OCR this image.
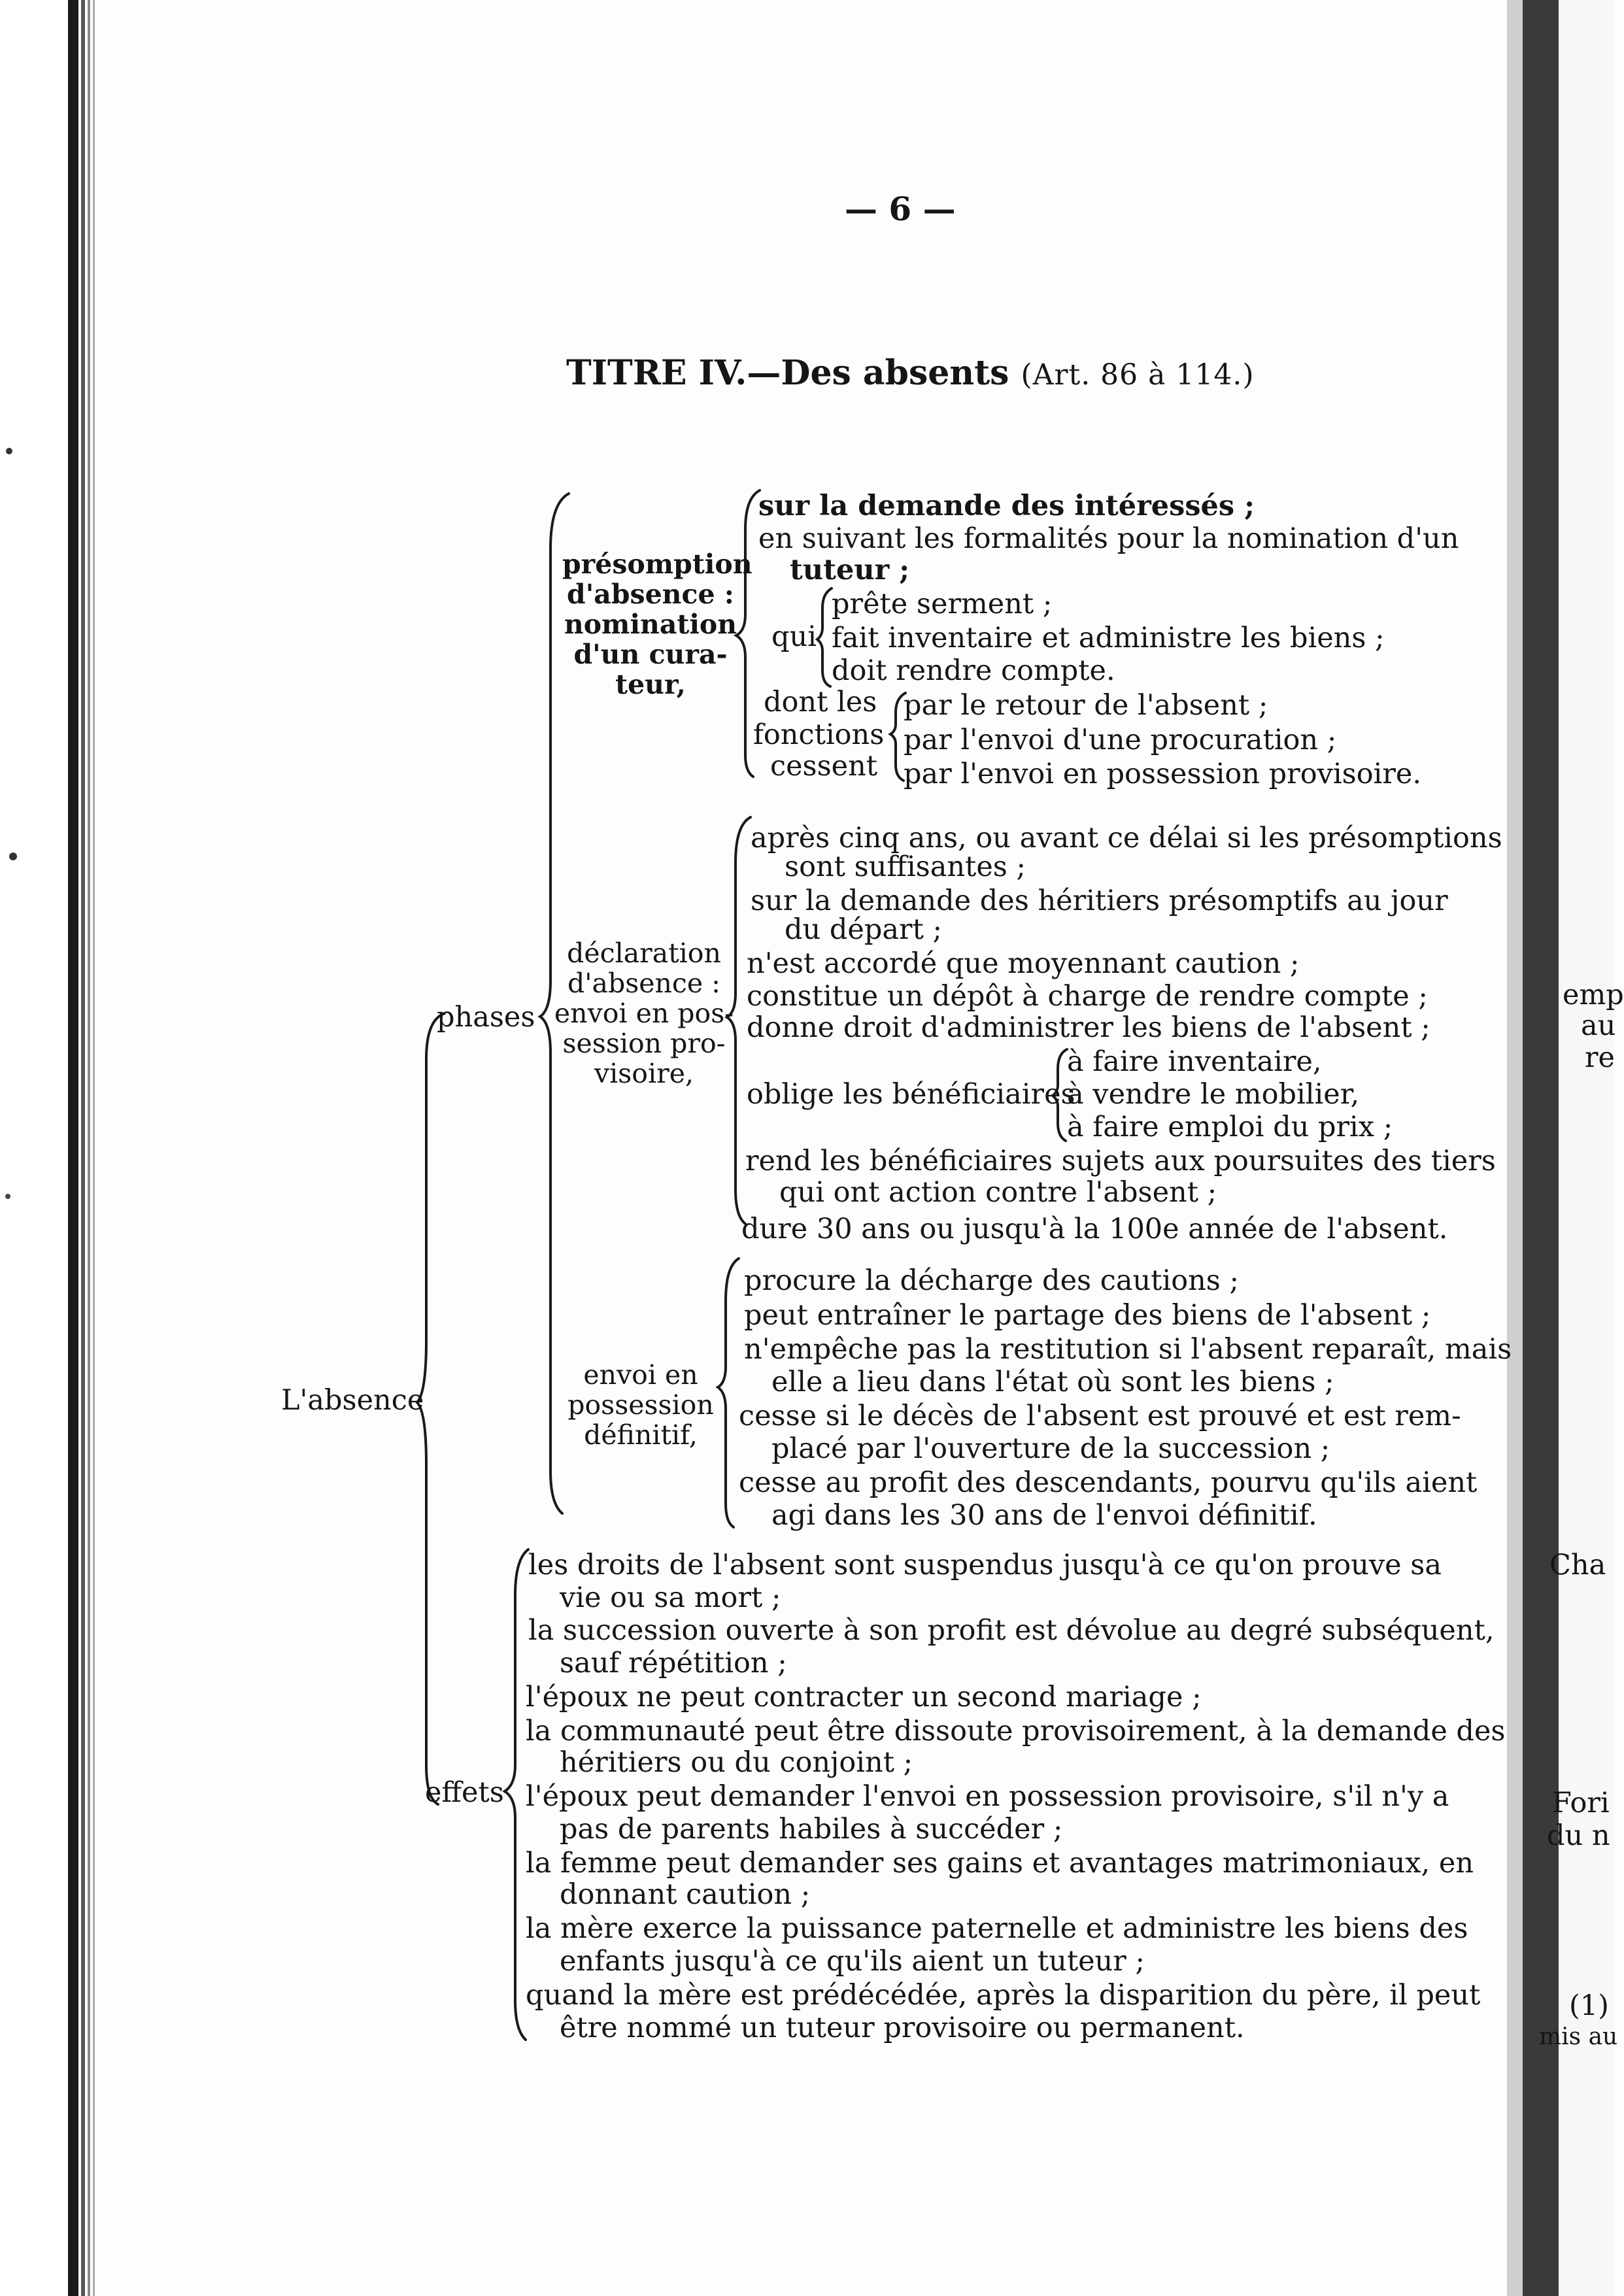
— 6 —
TITRE IV.—Des absents (Art. 86 à 114.)
L'absence
phases
effets
présomption
d'absence :
nomination
d'un cura-
teur,
sur la demande des intéressés ;
en suivant les formalités pour la nomination d'un
tuteur ;
qui
prête serment ;
fait inventaire et administre les biens ;
doit rendre compte.
dont les
fonctions
cessent
par le retour de l'absent ;
par l'envoi d'une procuration ;
par l'envoi en possession provisoire.
déclaration
d'absence :
envoi en pos-
session pro-
visoire,
après cinq ans, ou avant ce délai si les présomptions
sont suffisantes ;
sur la demande des héritiers présomptifs au jour
du départ ;
n'est accordé que moyennant caution ;
constitue un dépôt à charge de rendre compte ;
donne droit d'administrer les biens de l'absent ;
oblige les bénéficiaires
à faire inventaire,
à vendre le mobilier,
à faire emploi du prix ;
rend les bénéficiaires sujets aux poursuites des tiers
qui ont action contre l'absent ;
dure 30 ans ou jusqu'à la 100e année de l'absent.
envoi en
possession
définitif,
procure la décharge des cautions ;
peut entraîner le partage des biens de l'absent ;
n'empêche pas la restitution si l'absent reparaît, mais
elle a lieu dans l'état où sont les biens ;
cesse si le décès de l'absent est prouvé et est rem-
placé par l'ouverture de la succession ;
cesse au profit des descendants, pourvu qu'ils aient
agi dans les 30 ans de l'envoi définitif.
les droits de l'absent sont suspendus jusqu'à ce qu'on prouve sa
vie ou sa mort ;
la succession ouverte à son profit est dévolue au degré subséquent,
sauf répétition ;
l'époux ne peut contracter un second mariage ;
la communauté peut être dissoute provisoirement, à la demande des
héritiers ou du conjoint ;
l'époux peut demander l'envoi en possession provisoire, s'il n'y a
pas de parents habiles à succéder ;
la femme peut demander ses gains et avantages matrimoniaux, en
donnant caution ;
la mère exerce la puissance paternelle et administre les biens des
enfants jusqu'à ce qu'ils aient un tuteur ;
quand la mère est prédécédée, après la disparition du père, il peut
être nommé un tuteur provisoire ou permanent.
emp
au
re
Cha
Fori
du n
(1)
mis au
